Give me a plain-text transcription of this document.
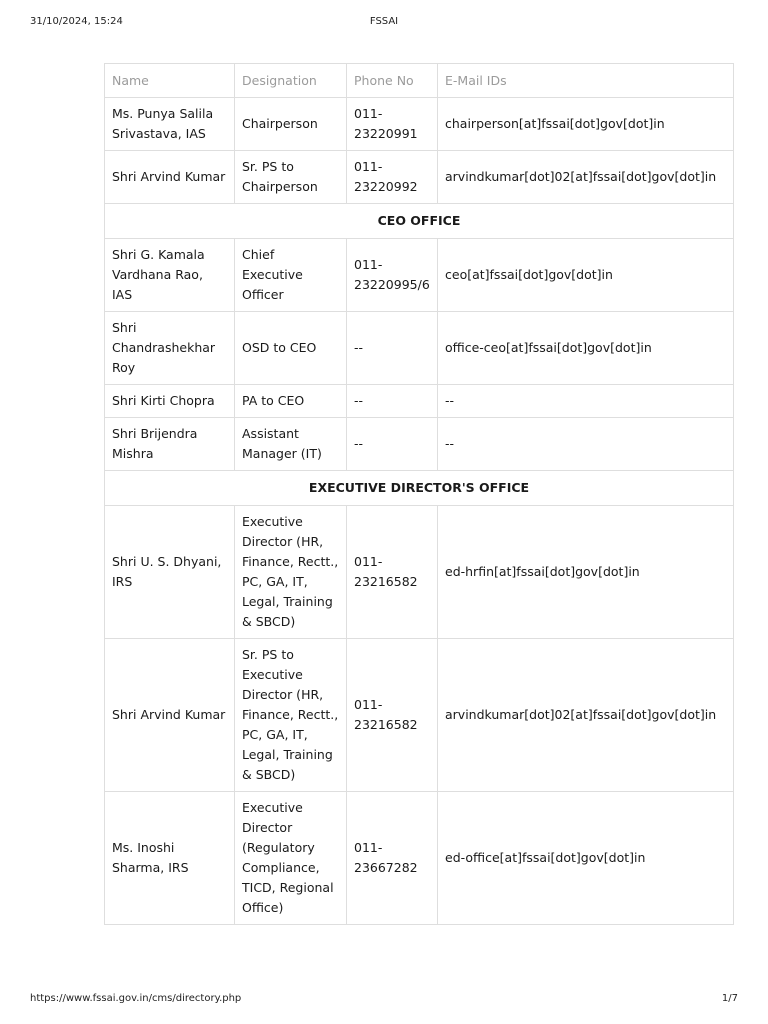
31/10/2024, 15:24	FSSAI
Name	Designation	Phone No	E-Mail IDs
Ms. Punya Salila Srivastava, IAS	Chairperson	011-23220991	chairperson[at]fssai[dot]gov[dot]in
Shri Arvind Kumar	Sr. PS to Chairperson	011-23220992	arvindkumar[dot]02[at]fssai[dot]gov[dot]in
CEO OFFICE			
Shri G. Kamala Vardhana Rao, IAS	Chief Executive Officer	011-23220995/6	ceo[at]fssai[dot]gov[dot]in
Shri Chandrashekhar Roy	OSD to CEO	--	office-ceo[at]fssai[dot]gov[dot]in
Shri Kirti Chopra	PA to CEO	--	--
Shri Brijendra Mishra	Assistant Manager (IT)	--	--
EXECUTIVE DIRECTOR'S OFFICE			
Shri U. S. Dhyani, IRS	Executive Director (HR, Finance, Rectt., PC, GA, IT, Legal, Training & SBCD)	011-23216582	ed-hrfin[at]fssai[dot]gov[dot]in
Shri Arvind Kumar	Sr. PS to Executive Director (HR, Finance, Rectt., PC, GA, IT, Legal, Training & SBCD)	011-23216582	arvindkumar[dot]02[at]fssai[dot]gov[dot]in
Ms. Inoshi Sharma, IRS	Executive Director (Regulatory Compliance, TICD, Regional Office)	011-23667282	ed-office[at]fssai[dot]gov[dot]in
https://www.fssai.gov.in/cms/directory.php	1/7
